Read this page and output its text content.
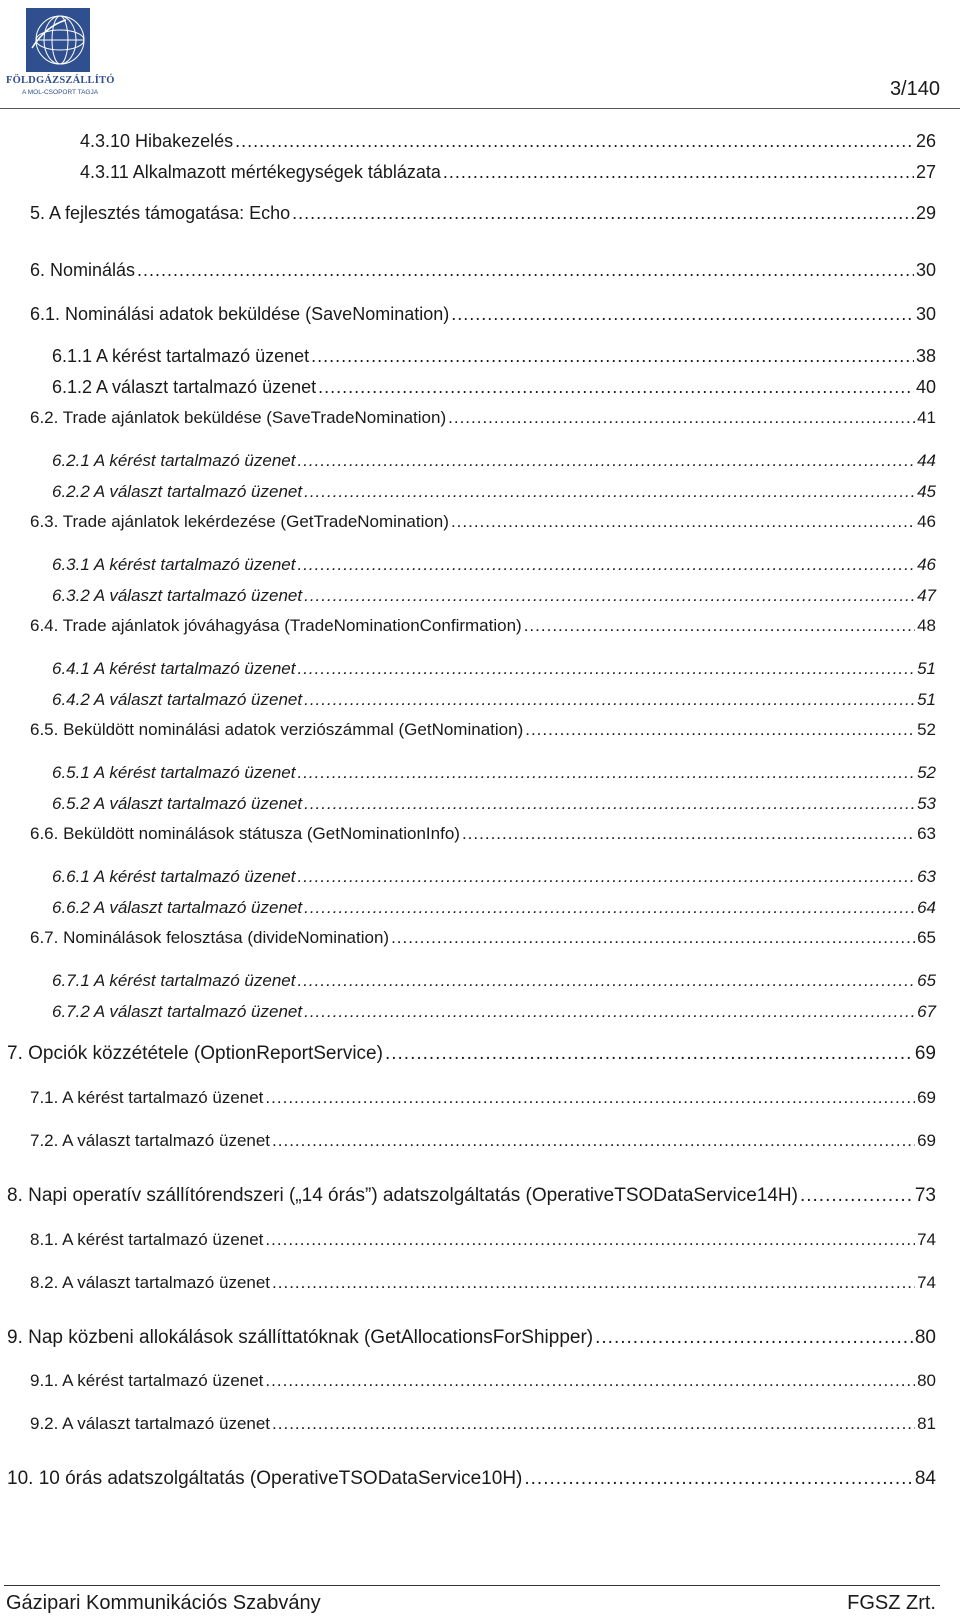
FÖLDGÁZSZÁLLÍTÓ
A MOL-CSOPORT TAGJA	3/140
4.3.10 Hibakezelés .....	26
4.3.11 Alkalmazott mértékegységek táblázata .....	27
5. A fejlesztés támogatása: Echo .....	29
6. Nominálás .....	30
6.1. Nominálási adatok beküldése (SaveNomination) .....	30
6.1.1 A kérést tartalmazó üzenet .....	38
6.1.2 A választ tartalmazó üzenet .....	40
6.2. Trade ajánlatok beküldése (SaveTradeNomination) .....	41
6.2.1 A kérést tartalmazó üzenet .....	44
6.2.2 A választ tartalmazó üzenet .....	45
6.3. Trade ajánlatok lekérdezése (GetTradeNomination) .....	46
6.3.1 A kérést tartalmazó üzenet .....	46
6.3.2 A választ tartalmazó üzenet .....	47
6.4. Trade ajánlatok jóváhagyása (TradeNominationConfirmation) .....	48
6.4.1 A kérést tartalmazó üzenet .....	51
6.4.2 A választ tartalmazó üzenet .....	51
6.5. Beküldött nominálási adatok verziószámmal (GetNomination) .....	52
6.5.1 A kérést tartalmazó üzenet .....	52
6.5.2 A választ tartalmazó üzenet .....	53
6.6. Beküldött nominálások státusza (GetNominationInfo) .....	63
6.6.1 A kérést tartalmazó üzenet .....	63
6.6.2 A választ tartalmazó üzenet .....	64
6.7. Nominálások felosztása (divideNomination) .....	65
6.7.1 A kérést tartalmazó üzenet .....	65
6.7.2 A választ tartalmazó üzenet .....	67
7. Opciók közzététele (OptionReportService) .....	69
7.1. A kérést tartalmazó üzenet .....	69
7.2. A választ tartalmazó üzenet .....	69
8. Napi operatív szállítórendszeri („14 órás”) adatszolgáltatás (OperativeTSODataService14H) .....	73
8.1. A kérést tartalmazó üzenet .....	74
8.2. A választ tartalmazó üzenet .....	74
9. Nap közbeni allokálások szállíttatóknak (GetAllocationsForShipper) .....	80
9.1. A kérést tartalmazó üzenet .....	80
9.2. A választ tartalmazó üzenet .....	81
10. 10 órás adatszolgáltatás (OperativeTSODataService10H) .....	84
Gázipari Kommunikációs Szabvány	FGSZ Zrt.
